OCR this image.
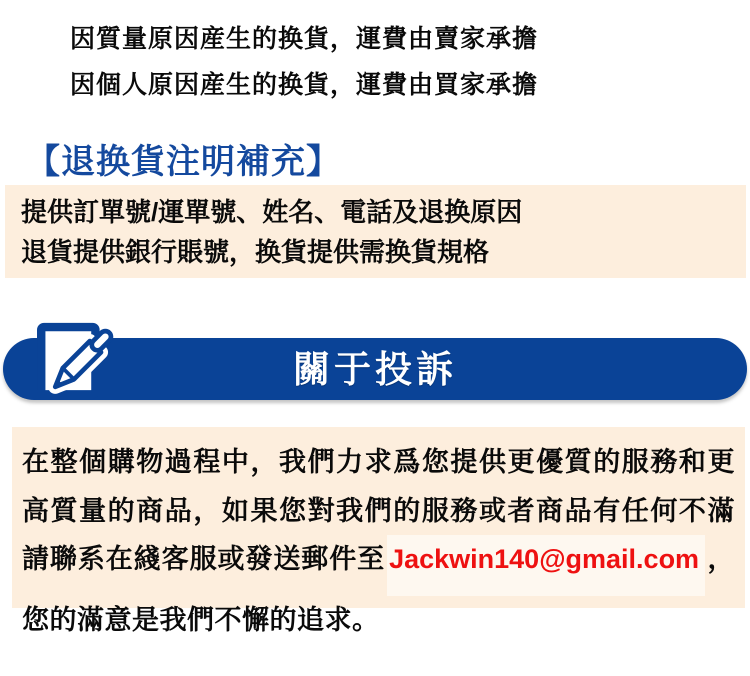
因質量原因産生的换貨，運費由賣家承擔
因個人原因産生的换貨，運費由買家承擔
【退换貨注明補充】
提供訂單號/運單號、姓名、電話及退换原因
退貨提供銀行賬號，换貨提供需换貨規格
關于投訴

在整個購物過程中，我們力求爲您提供更優質的服務和更高質量的商品，如果您對我們的服務或者商品有任何不滿請聯系在綫客服或發送郵件至 Jackwin140@gmail.com ，您的滿意是我們不懈的追求。
